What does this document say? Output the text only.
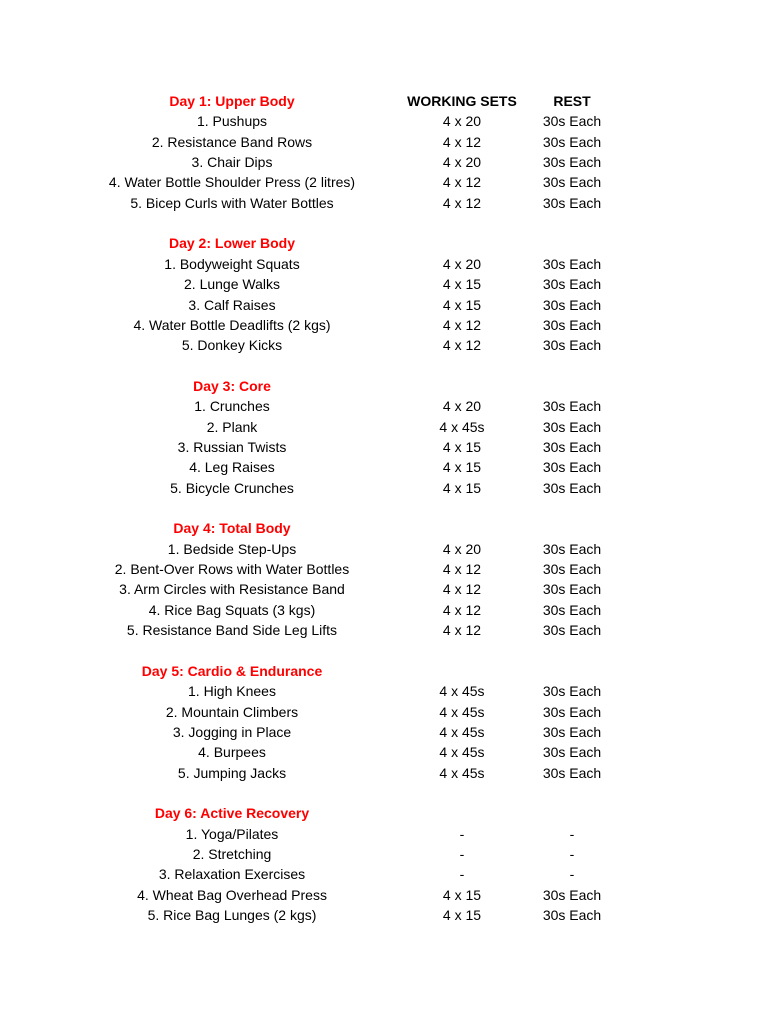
Day 1: Upper Body	WORKING SETS	REST
1. Pushups	4 x 20	30s Each
2. Resistance Band Rows	4 x 12	30s Each
3. Chair Dips	4 x 20	30s Each
4. Water Bottle Shoulder Press (2 litres)	4 x 12	30s Each
5. Bicep Curls with Water Bottles	4 x 12	30s Each
Day 2: Lower Body
1. Bodyweight Squats	4 x 20	30s Each
2. Lunge Walks	4 x 15	30s Each
3. Calf Raises	4 x 15	30s Each
4. Water Bottle Deadlifts (2 kgs)	4 x 12	30s Each
5. Donkey Kicks	4 x 12	30s Each
Day 3: Core
1. Crunches	4 x 20	30s Each
2. Plank	4 x 45s	30s Each
3. Russian Twists	4 x 15	30s Each
4. Leg Raises	4 x 15	30s Each
5. Bicycle Crunches	4 x 15	30s Each
Day 4: Total Body
1. Bedside Step-Ups	4 x 20	30s Each
2. Bent-Over Rows with Water Bottles	4 x 12	30s Each
3. Arm Circles with Resistance Band	4 x 12	30s Each
4. Rice Bag Squats (3 kgs)	4 x 12	30s Each
5. Resistance Band Side Leg Lifts	4 x 12	30s Each
Day 5: Cardio & Endurance
1. High Knees	4 x 45s	30s Each
2. Mountain Climbers	4 x 45s	30s Each
3. Jogging in Place	4 x 45s	30s Each
4. Burpees	4 x 45s	30s Each
5. Jumping Jacks	4 x 45s	30s Each
Day 6: Active Recovery
1. Yoga/Pilates	-	-
2. Stretching	-	-
3. Relaxation Exercises	-	-
4. Wheat Bag Overhead Press	4 x 15	30s Each
5. Rice Bag Lunges (2 kgs)	4 x 15	30s Each
